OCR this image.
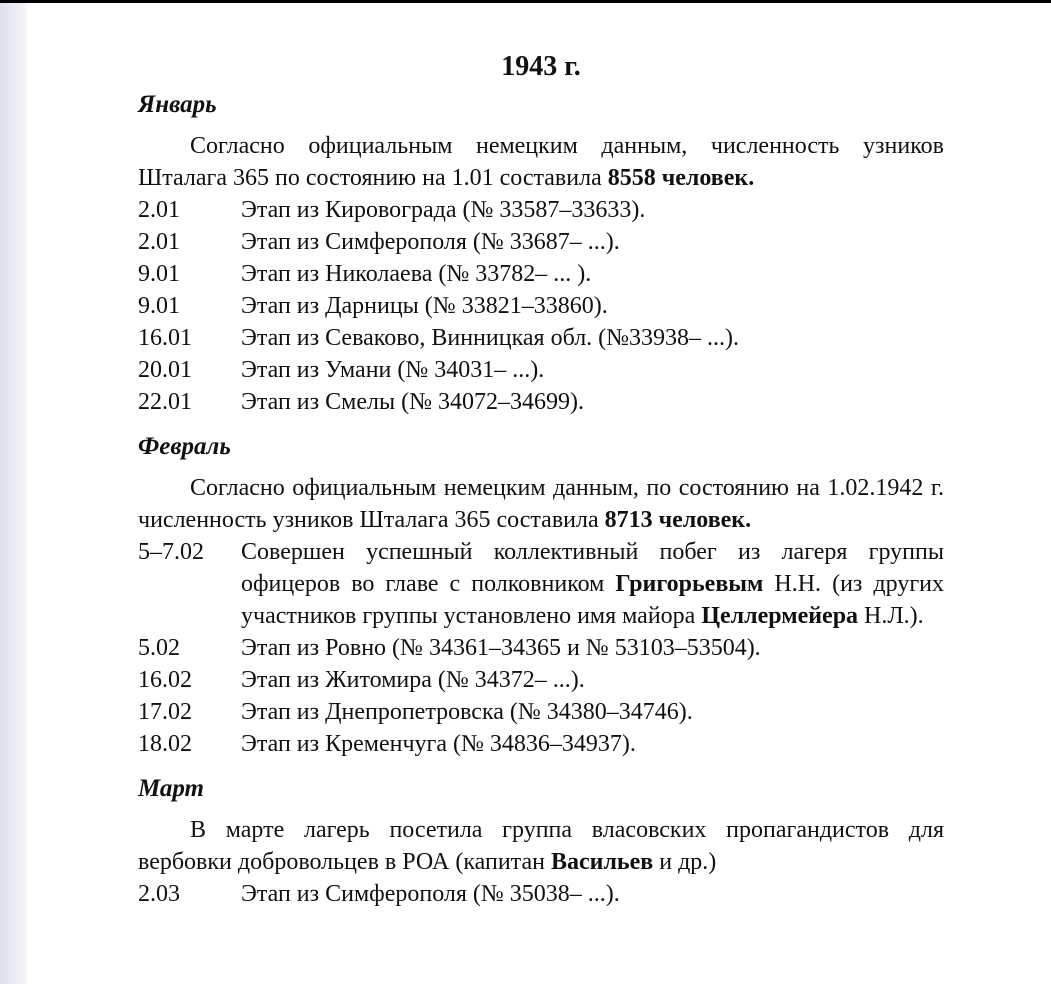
1943 г.
Январь

Согласно официальным немецким данным, численность узников Шталага 365 по состоянию на 1.01 составила 8558 человек.

2.01	Этап из Кировограда (№ 33587–33633).
2.01	Этап из Симферополя (№ 33687– ...).
9.01	Этап из Николаева (№ 33782– ... ).
9.01	Этап из Дарницы (№ 33821–33860).
16.01	Этап из Севаково, Винницкая обл. (№33938– ...).
20.01	Этап из Умани (№ 34031– ...).
22.01	Этап из Смелы (№ 34072–34699).
Февраль

Согласно официальным немецким данным, по состоянию на 1.02.1942 г. численность узников Шталага 365 составила 8713 человек.

5–7.02	Совершен успешный коллективный побег из лагеря группы офицеров во главе с полковником Григорьевым Н.Н. (из других участников группы установлено имя майора Целлермейера Н.Л.).
5.02	Этап из Ровно (№ 34361–34365 и № 53103–53504).
16.02	Этап из Житомира (№ 34372– ...).
17.02	Этап из Днепропетровска (№ 34380–34746).
18.02	Этап из Кременчуга (№ 34836–34937).
Март

В марте лагерь посетила группа власовских пропагандистов для вербовки добровольцев в РОА (капитан Васильев и др.)

2.03	Этап из Симферополя (№ 35038– ...).
